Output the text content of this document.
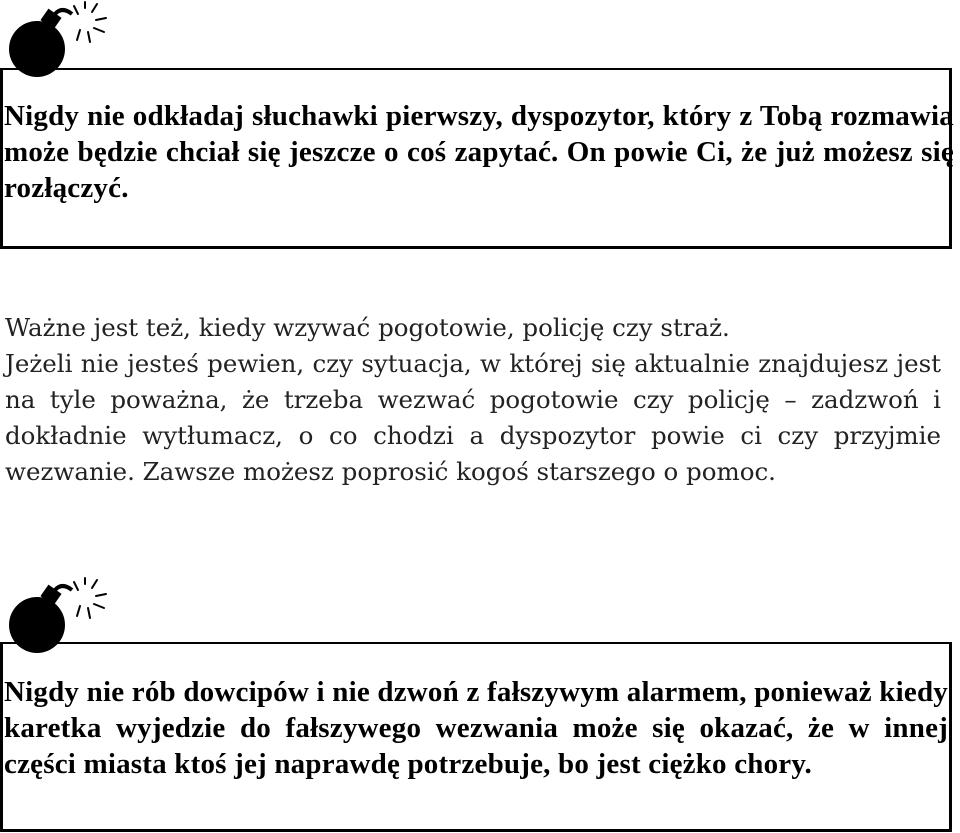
Nigdy nie odkładaj słuchawki pierwszy, dyspozytor, który z Tobą rozmawia może będzie chciał się jeszcze o coś zapytać. On powie Ci, że już możesz się rozłączyć.

Ważne jest też, kiedy wzywać pogotowie, policję czy straż.

Jeżeli nie jesteś pewien, czy sytuacja, w której się aktualnie znajdujesz jest na tyle poważna, że trzeba wezwać pogotowie czy policję – zadzwoń i dokładnie wytłumacz, o co chodzi a dyspozytor powie ci czy przyjmie wezwanie. Zawsze możesz poprosić kogoś starszego o pomoc.

Nigdy nie rób dowcipów i nie dzwoń z fałszywym alarmem, ponieważ kiedy karetka wyjedzie do fałszywego wezwania może się okazać, że w innej części miasta ktoś jej naprawdę potrzebuje, bo jest ciężko chory.
